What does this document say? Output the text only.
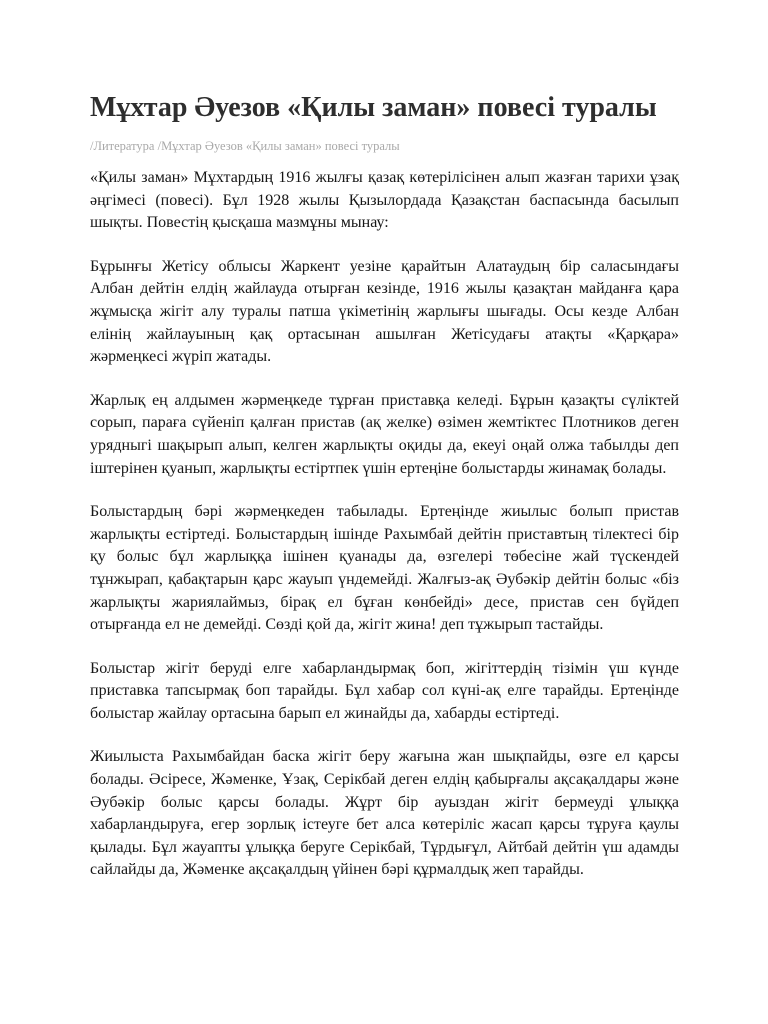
Мұхтар Әуезов «Қилы заман» повесі туралы
/Литература /Мұхтар Әуезов «Қилы заман» повесі туралы

«Қилы заман» Мұхтардың 1916 жылғы қазақ көтерілісінен алып жазған тарихи ұзақ әңгімесі (повесі). Бұл 1928 жылы Қызылордада Қазақстан баспасында басылып шықты. Повестің қысқаша мазмұны мынау:

Бұрынғы Жетісу облысы Жаркент уезіне қарайтын Алатаудың бір саласындағы Албан дейтін елдің жайлауда отырған кезінде, 1916 жылы қазақтан майданға қара жұмысқа жігіт алу туралы патша үкіметінің жарлығы шығады. Осы кезде Албан елінің жайлауының қақ ортасынан ашылған Жетісудағы атақты «Қарқара» жәрмеңкесі жүріп жатады.

Жарлық ең алдымен жәрмеңкеде тұрған приставқа келеді. Бұрын қазақты сүліктей сорып, параға сүйеніп қалған пристав (ақ желке) өзімен жемтіктес Плотников деген урядныгі шақырып алып, келген жарлықты оқиды да, екеуі оңай олжа табылды деп іштерінен қуанып, жарлықты естіртпек үшін ертеңіне болыстарды жинамақ болады.

Болыстардың бәрі жәрмеңкеден табылады. Ертеңінде жиылыс болып пристав жарлықты естіртеді. Болыстардың ішінде Рахымбай дейтін приставтың тілектесі бір қу болыс бұл жарлыққа ішінен қуанады да, өзгелері төбесіне жай түскендей тұнжырап, қабақтарын қарс жауып үндемейді. Жалғыз-ақ Әубәкір дейтін болыс «біз жарлықты жариялаймыз, бірақ ел бұған көнбейді» десе, пристав сен бүйдеп отырғанда ел не демейді. Сөзді қой да, жігіт жина! деп тұжырып тастайды.

Болыстар жігіт беруді елге хабарландырмақ боп, жігіттердің тізімін үш күнде приставка тапсырмақ боп тарайды. Бұл хабар сол күні-ақ елге тарайды. Ертеңінде болыстар жайлау ортасына барып ел жинайды да, хабарды естіртеді.

Жиылыста Рахымбайдан баска жігіт беру жағына жан шықпайды, өзге ел қарсы болады. Әсіресе, Жәменке, Ұзақ, Серікбай деген елдің қабырғалы ақсақалдары және Әубәкір болыс қарсы болады. Жұрт бір ауыздан жігіт бермеуді ұлыққа хабарландыруға, егер зорлық істеуге бет алса көтеріліс жасап қарсы тұруға қаулы қылады. Бұл жауапты ұлыққа беруге Серікбай, Тұрдығұл, Айтбай дейтін үш адамды сайлайды да, Жәменке ақсақалдың үйінен бәрі құрмалдық жеп тарайды.
